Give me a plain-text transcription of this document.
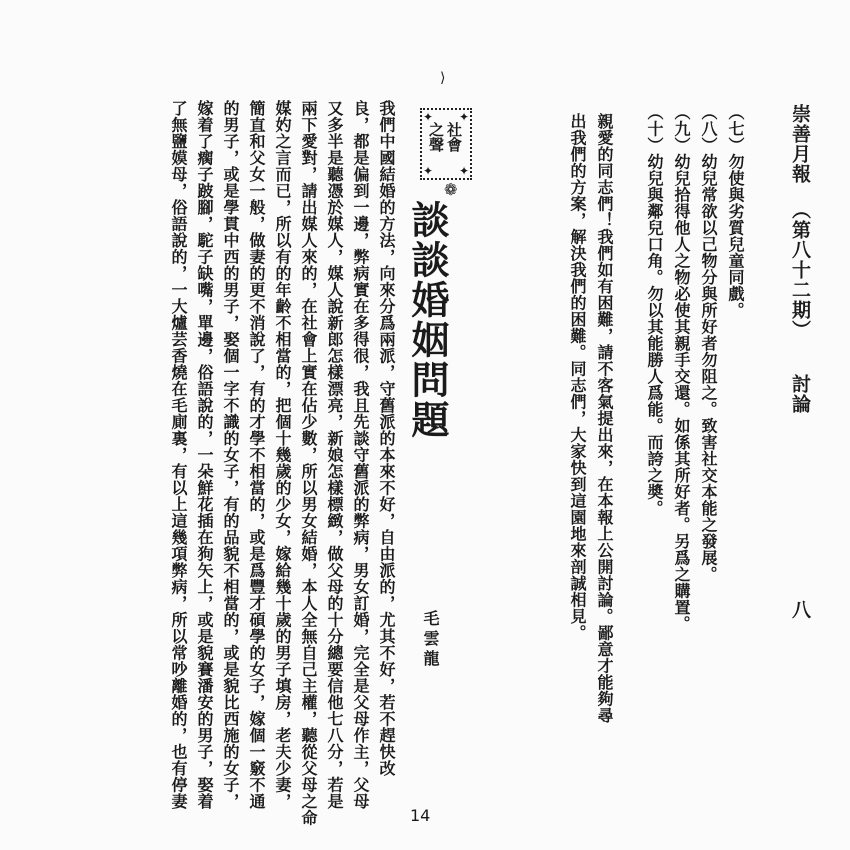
崇善月報
（第八十二期）
討論
八
（七）勿使與劣質兒童同戲。
（八）幼兒常欲以己物分與所好者勿阻之。致害社交本能之發展。
（九）幼兒拾得他人之物必使其親手交還。如係其所好者。另爲之購置。
（十）幼兒與鄰兒口角。勿以其能勝人爲能。而誇之奬。
親愛的同志們！我們如有困難，請不客氣提出來，在本報上公開討論。鄙意才能夠尋
出我們的方案，解決我們的困難。同志們，大家快到這園地來剖誠相見。
⟩
✦ ✦
✦ ✦
社會
之聲
❁
談談婚姻問題
毛雲龍
我們中國結婚的方法，向來分爲兩派，守舊派的本來不好，自由派的，尤其不好，若不趕快改
良，都是偏到一邊，弊病實在多得很，我且先談守舊派的弊病，男女訂婚，完全是父母作主，父母
又多半是聽憑於媒人，媒人說新郎怎樣漂亮，新娘怎樣標緻，做父母的十分總要信他七八分，若是
兩下愛對，請出媒人來的，在社會上實在佔少數，所以男女結婚，本人全無自己主權，聽從父母之命
媒妁之言而已，所以有的年齡不相當的，把個十幾歲的少女，嫁給幾十歲的男子填房，老夫少妻，
簡直和父女一般，做妻的更不消說了，有的才學不相當的，或是爲豐才碩學的女子，嫁個一竅不通
的男子，或是學貫中西的男子，娶個一字不識的女子，有的品貌不相當的，或是貌比西施的女子，
嫁着了瘸子跛腳，駝子缺嘴，單邊，俗語說的，一朵鮮花插在狗矢上，或是貌賽潘安的男子，娶着
了無鹽嫫母，俗語說的，一大爐芸香燒在毛廁裏，有以上這幾項弊病，所以常吵離婚的，也有停妻
14
